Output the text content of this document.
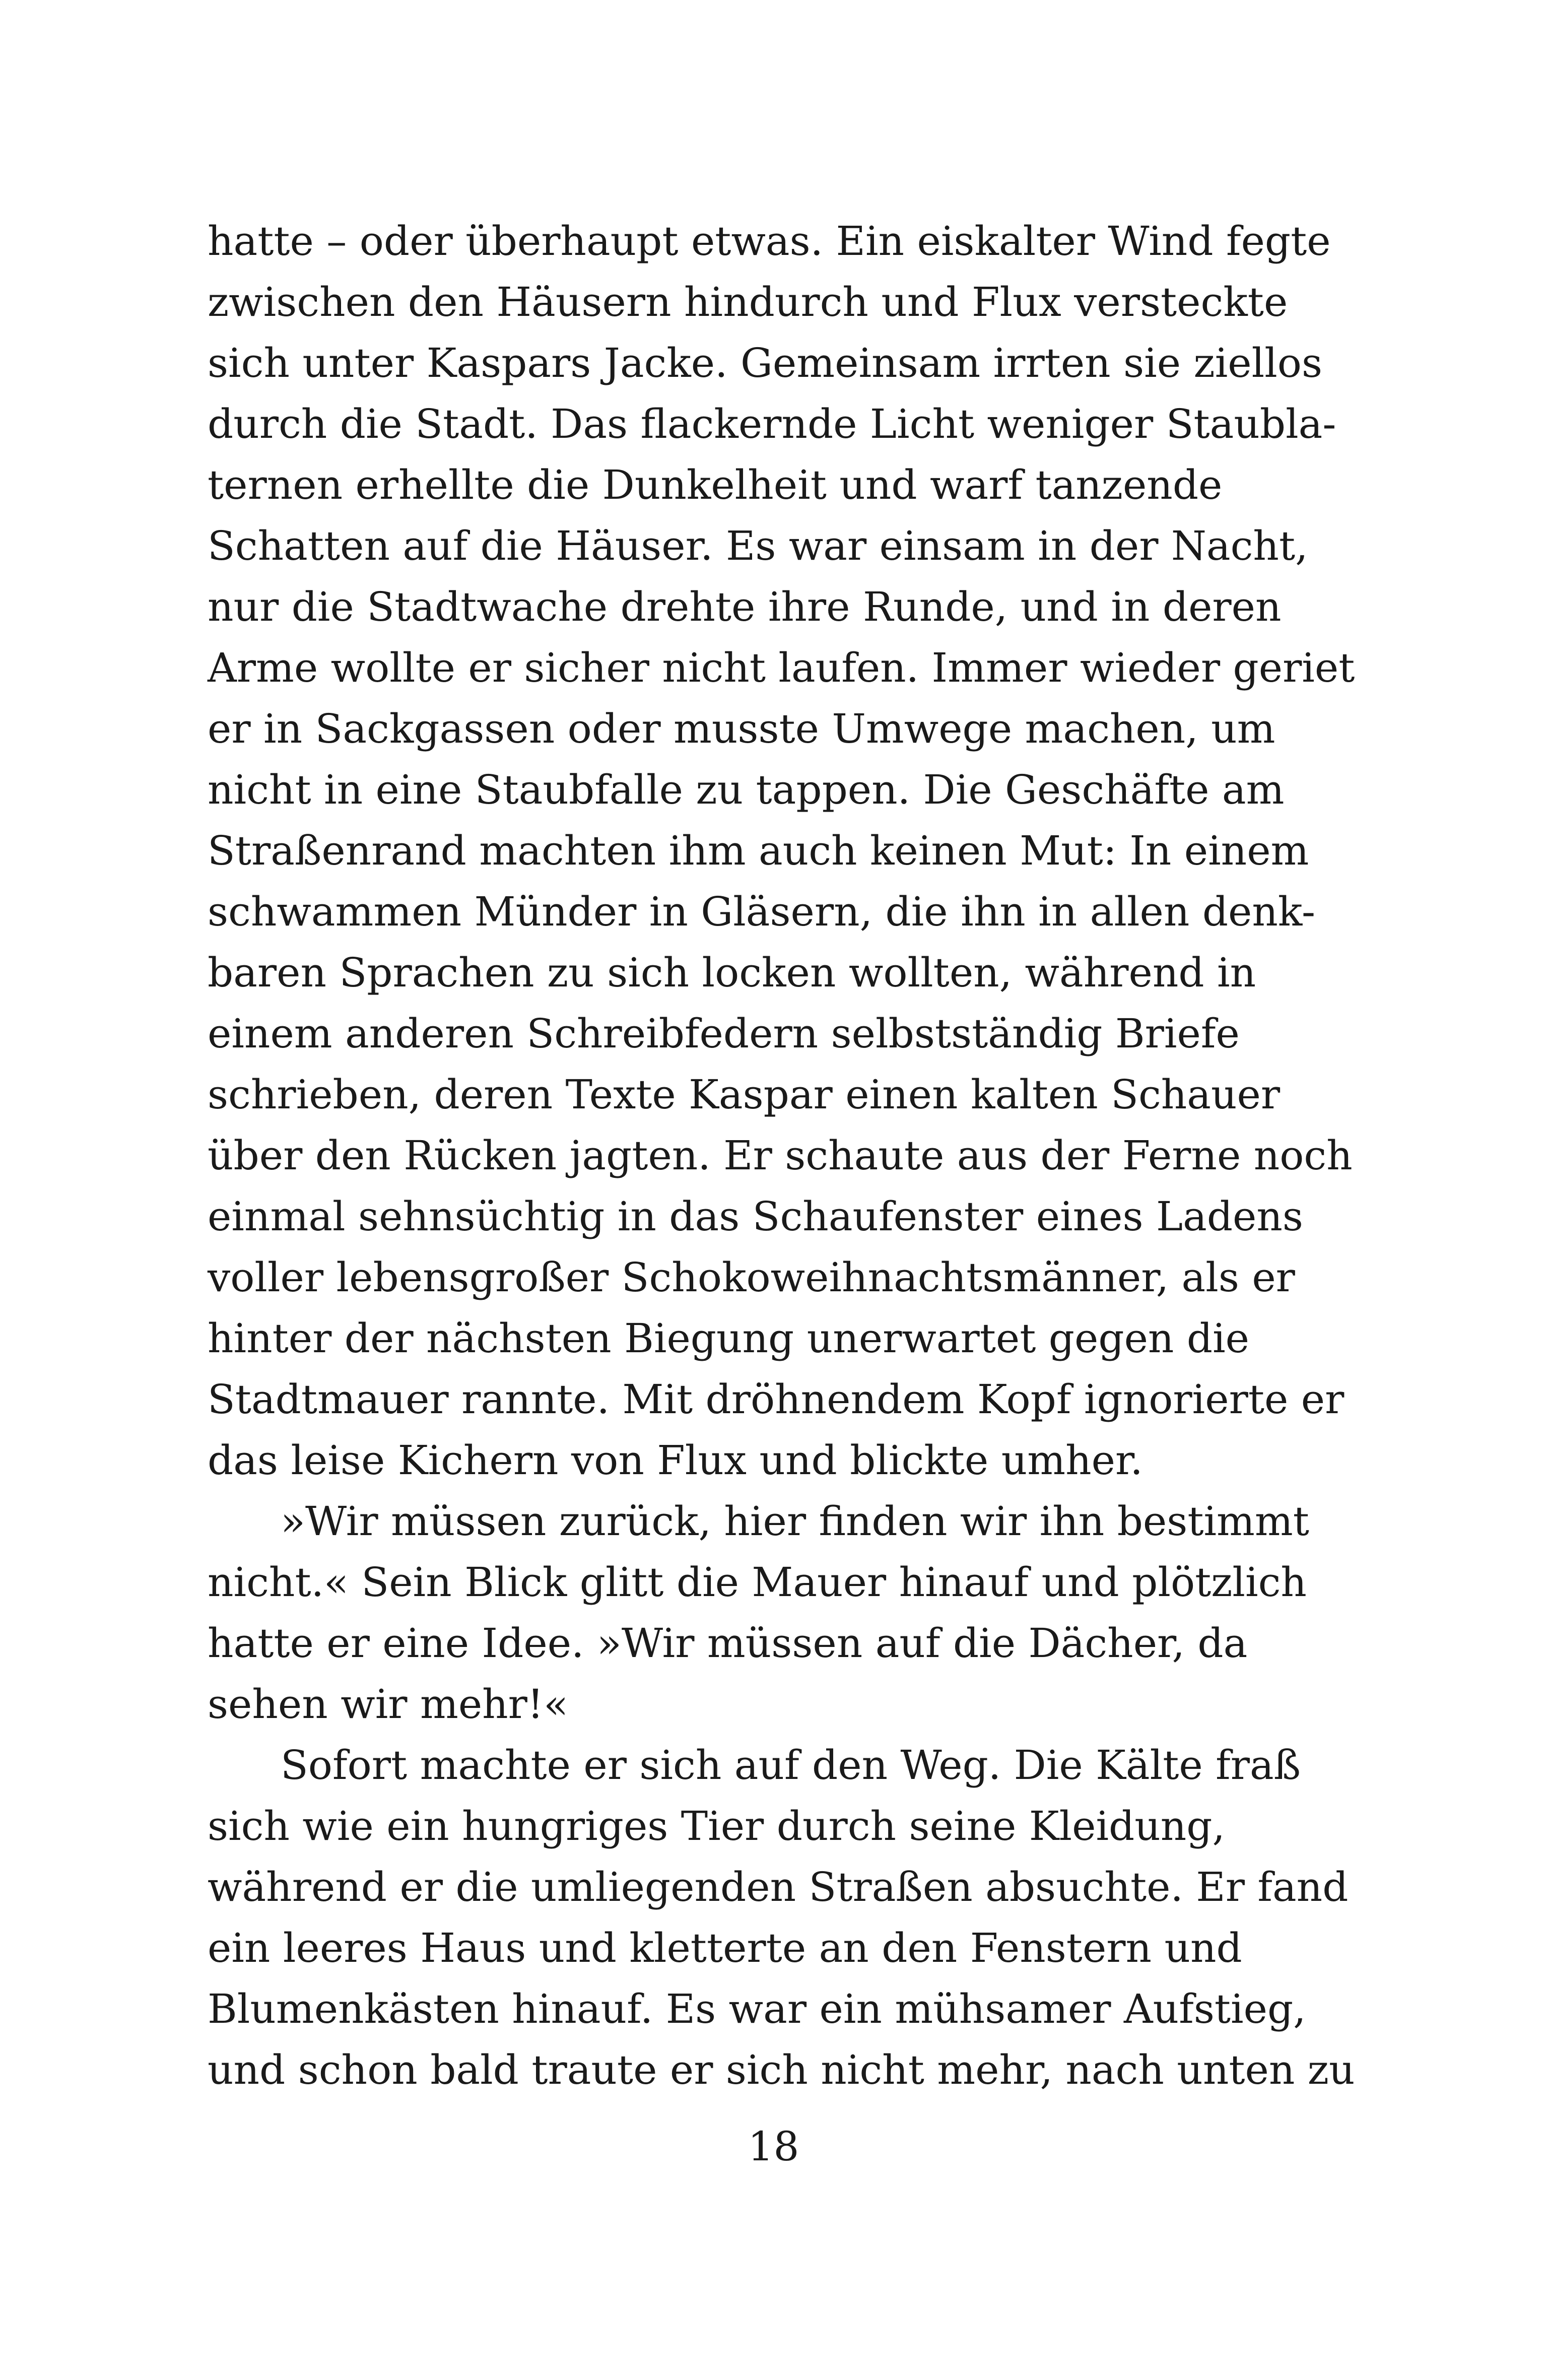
hatte – oder überhaupt etwas. Ein eiskalter Wind fegte
zwischen den Häusern hindurch und Flux versteckte
sich unter Kaspars Jacke. Gemeinsam irrten sie ziellos
durch die Stadt. Das flackernde Licht weniger Staubla-
ternen erhellte die Dunkelheit und warf tanzende
Schatten auf die Häuser. Es war einsam in der Nacht,
nur die Stadtwache drehte ihre Runde, und in deren
Arme wollte er sicher nicht laufen. Immer wieder geriet
er in Sackgassen oder musste Umwege machen, um
nicht in eine Staubfalle zu tappen. Die Geschäfte am
Straßenrand machten ihm auch keinen Mut: In einem
schwammen Münder in Gläsern, die ihn in allen denk-
baren Sprachen zu sich locken wollten, während in
einem anderen Schreibfedern selbstständig Briefe
schrieben, deren Texte Kaspar einen kalten Schauer
über den Rücken jagten. Er schaute aus der Ferne noch
einmal sehnsüchtig in das Schaufenster eines Ladens
voller lebensgroßer Schokoweihnachtsmänner, als er
hinter der nächsten Biegung unerwartet gegen die
Stadtmauer rannte. Mit dröhnendem Kopf ignorierte er
das leise Kichern von Flux und blickte umher.
»Wir müssen zurück, hier finden wir ihn bestimmt
nicht.« Sein Blick glitt die Mauer hinauf und plötzlich
hatte er eine Idee. »Wir müssen auf die Dächer, da
sehen wir mehr!«
Sofort machte er sich auf den Weg. Die Kälte fraß
sich wie ein hungriges Tier durch seine Kleidung,
während er die umliegenden Straßen absuchte. Er fand
ein leeres Haus und kletterte an den Fenstern und
Blumenkästen hinauf. Es war ein mühsamer Aufstieg,
und schon bald traute er sich nicht mehr, nach unten zu
18
